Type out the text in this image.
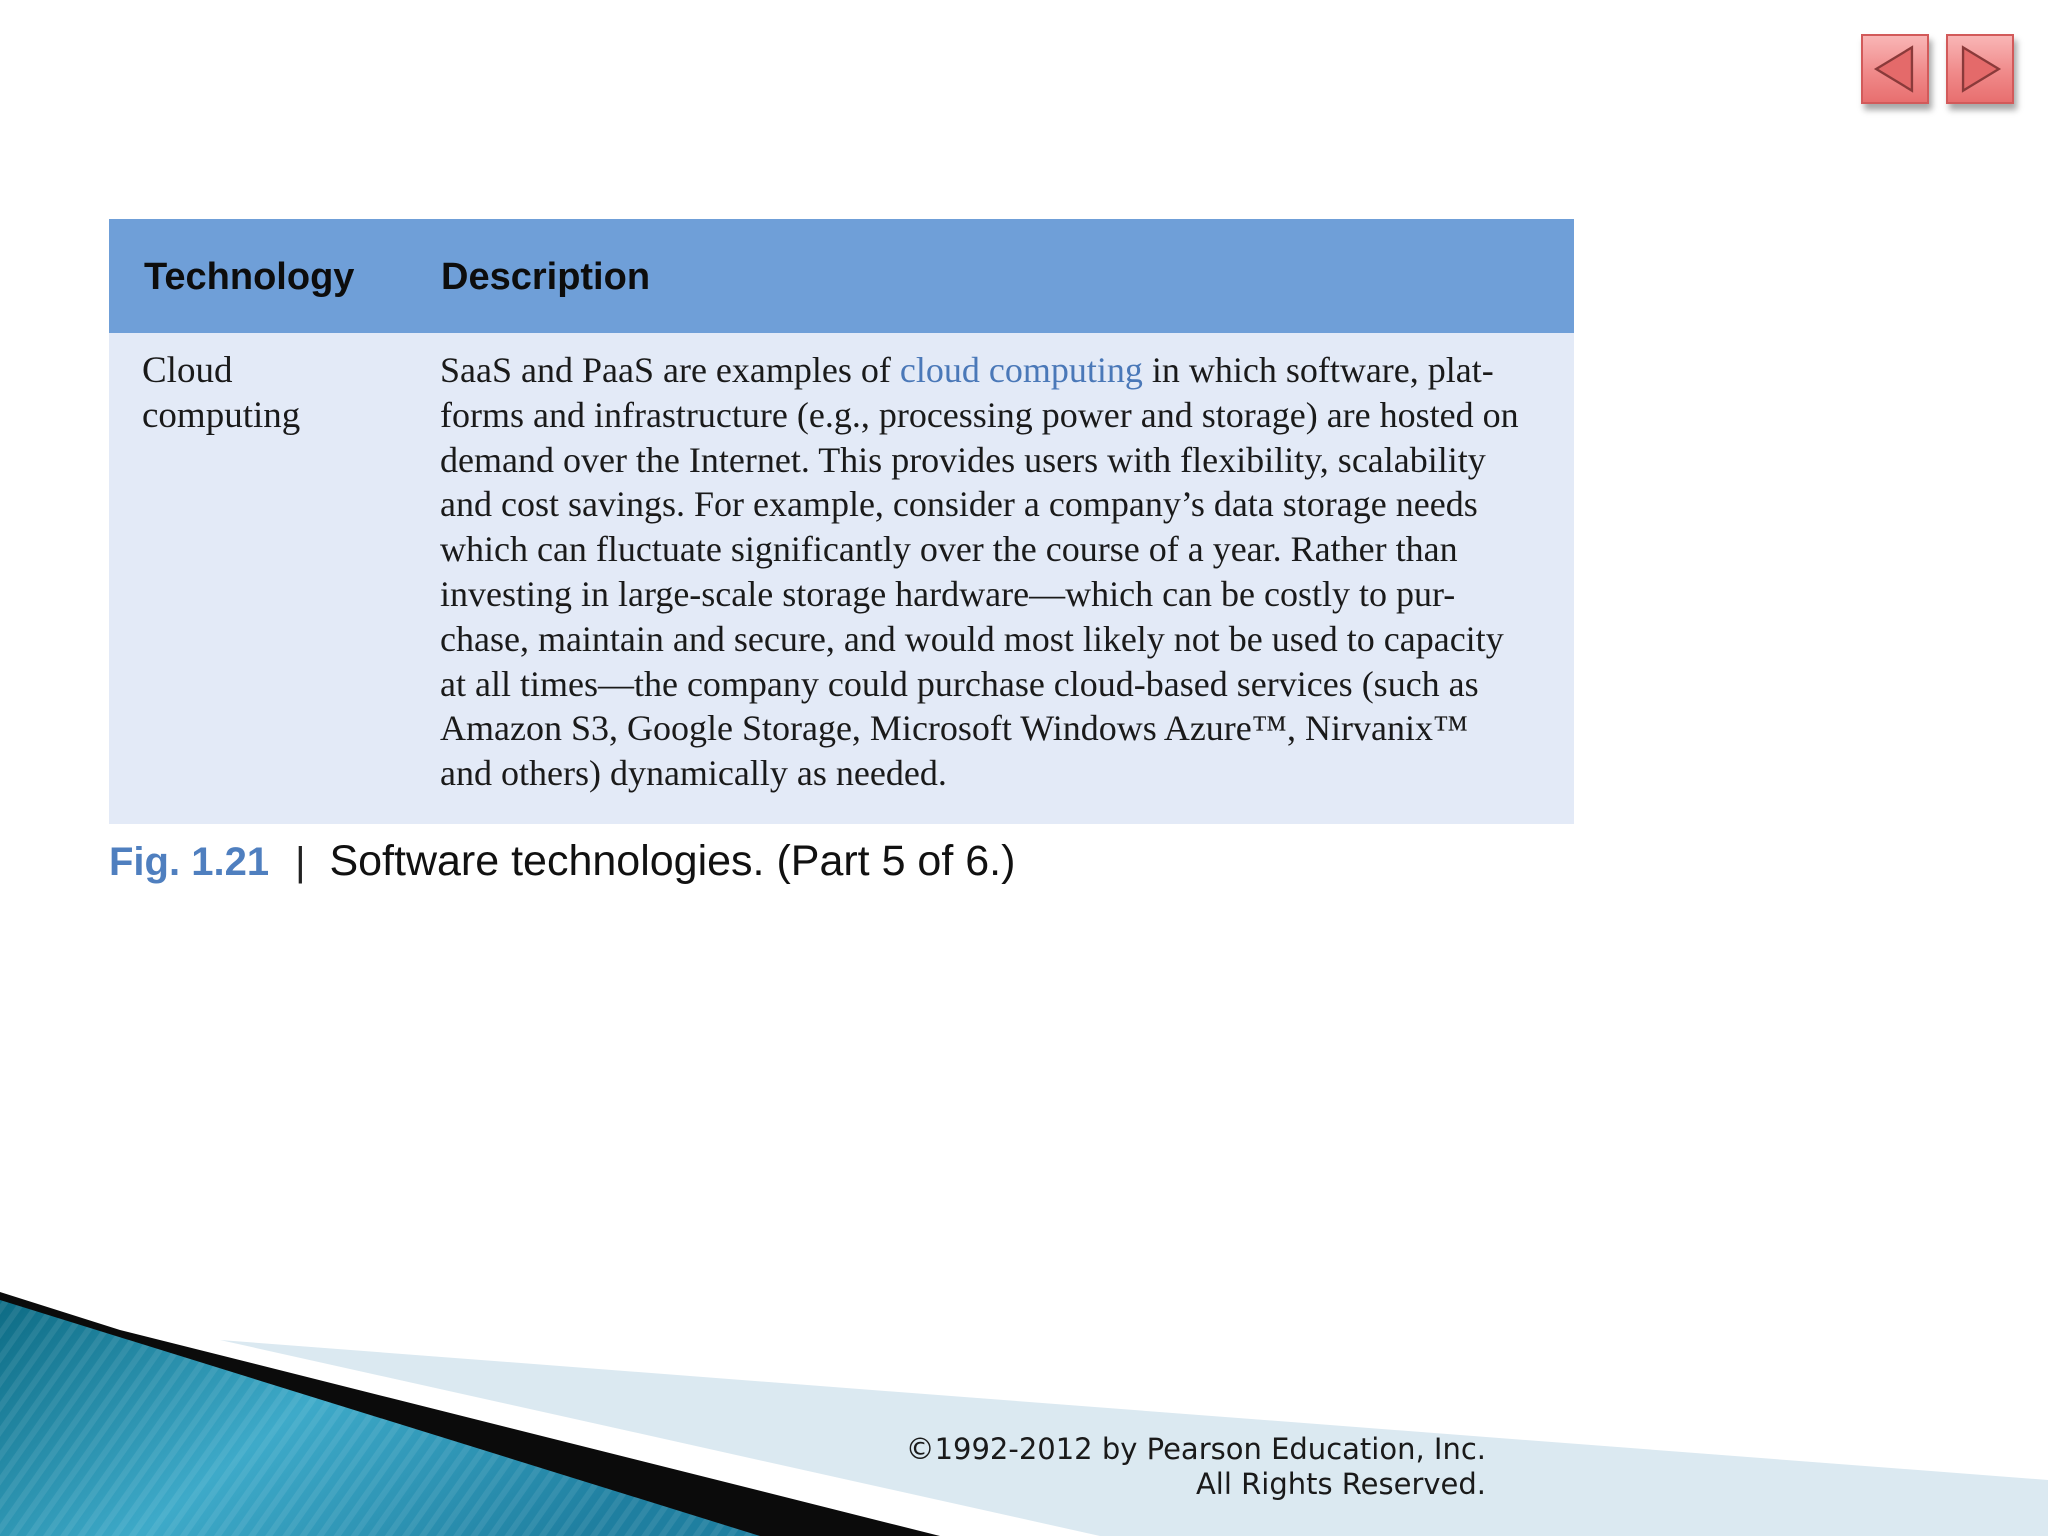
Technology Description
Cloud
computing
SaaS and PaaS are examples of cloud computing in which software, plat-
forms and infrastructure (e.g., processing power and storage) are hosted on
demand over the Internet. This provides users with flexibility, scalability
and cost savings. For example, consider a company’s data storage needs
which can fluctuate significantly over the course of a year. Rather than
investing in large-scale storage hardware—which can be costly to pur-
chase, maintain and secure, and would most likely not be used to capacity
at all times—the company could purchase cloud-based services (such as
Amazon S3, Google Storage, Microsoft Windows Azure™, Nirvanix™
and others) dynamically as needed.
Fig. 1.21 | Software technologies. (Part 5 of 6.)
©1992-2012 by Pearson Education, Inc.
All Rights Reserved.
